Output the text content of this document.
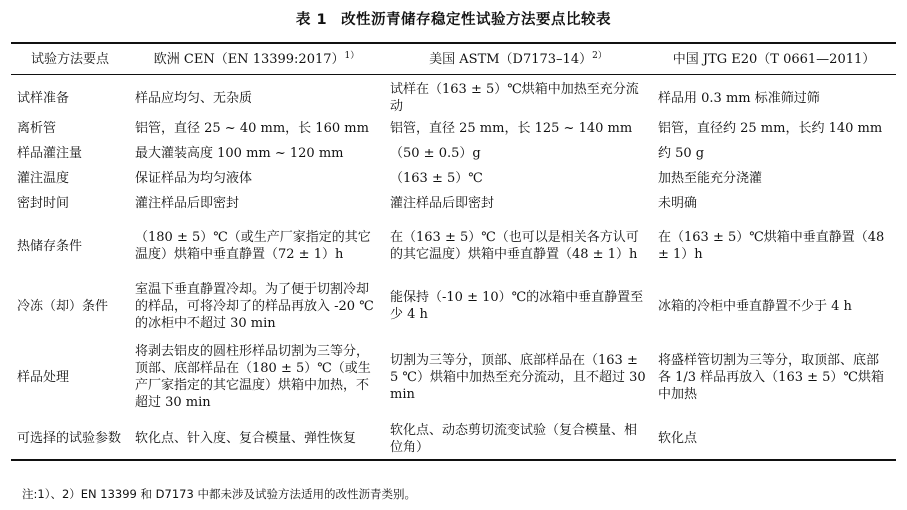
表 1 改性沥青储存稳定性试验方法要点比较表
试验方法要点	欧洲 CEN（EN 13399:2017）$^{1)}$	美国 $ASTM(D7173-14)^{2)}$	中国 JTG E20（T 0661—2011）
试样准备	样品应均匀、无杂质	试样在（163 ± 5）℃烘箱中加热至充分流动	样品用 0.3 mm 标准筛过筛
离析管	铝管，直径 25 ~ 40 mm，长 160 mm	铝管，直径 25 mm，长 125 ~ 140 mm	铝管，直径约 25 mm，长约 140 mm
样品灌注量	最大灌装高度 100 mm ~ 120 mm	（50 ± 0.5）g	约 50 g
灌注温度	保证样品为均匀液体	（163 ± 5）℃	加热至能充分浇灌
密封时间	灌注样品后即密封	灌注样品后即密封	未明确
热储存条件	（180 ± 5）℃（或生产厂家指定的其它温度）烘箱中垂直静置（72 ± 1）h	在（163 ± 5）℃（也可以是相关各方认可的其它温度）烘箱中垂直静置（48 ± 1）h	在（163 ± 5）℃烘箱中垂直静置（48 ± 1）h
冷冻（却）条件	室温下垂直静置冷却。为了便于切割冷却的样品，可将冷却了的样品再放入 -20 ℃的冰柜中不超过 30 min	能保持（-10 ± 10）℃的冰箱中垂直静置至少 4 h	冰箱的冷柜中垂直静置不少于 4 h
样品处理	将剥去铝皮的圆柱形样品切割为三等分，顶部、底部样品在（180 ± 5）℃（或生产厂家指定的其它温度）烘箱中加热，不超过 30 min	切割为三等分，顶部、底部样品在（163 ± 5 ℃）烘箱中加热至充分流动，且不超过 30 min	将盛样管切割为三等分，取顶部、底部各 1/3 样品再放入（163 ± 5）℃烘箱中加热
可选择的试验参数	软化点、针入度、复合模量、弹性恢复	软化点、动态剪切流变试验（复合模量、相位角）	软化点
注:1）、2）EN 13399 和 D7173 中都未涉及试验方法适用的改性沥青类别。
